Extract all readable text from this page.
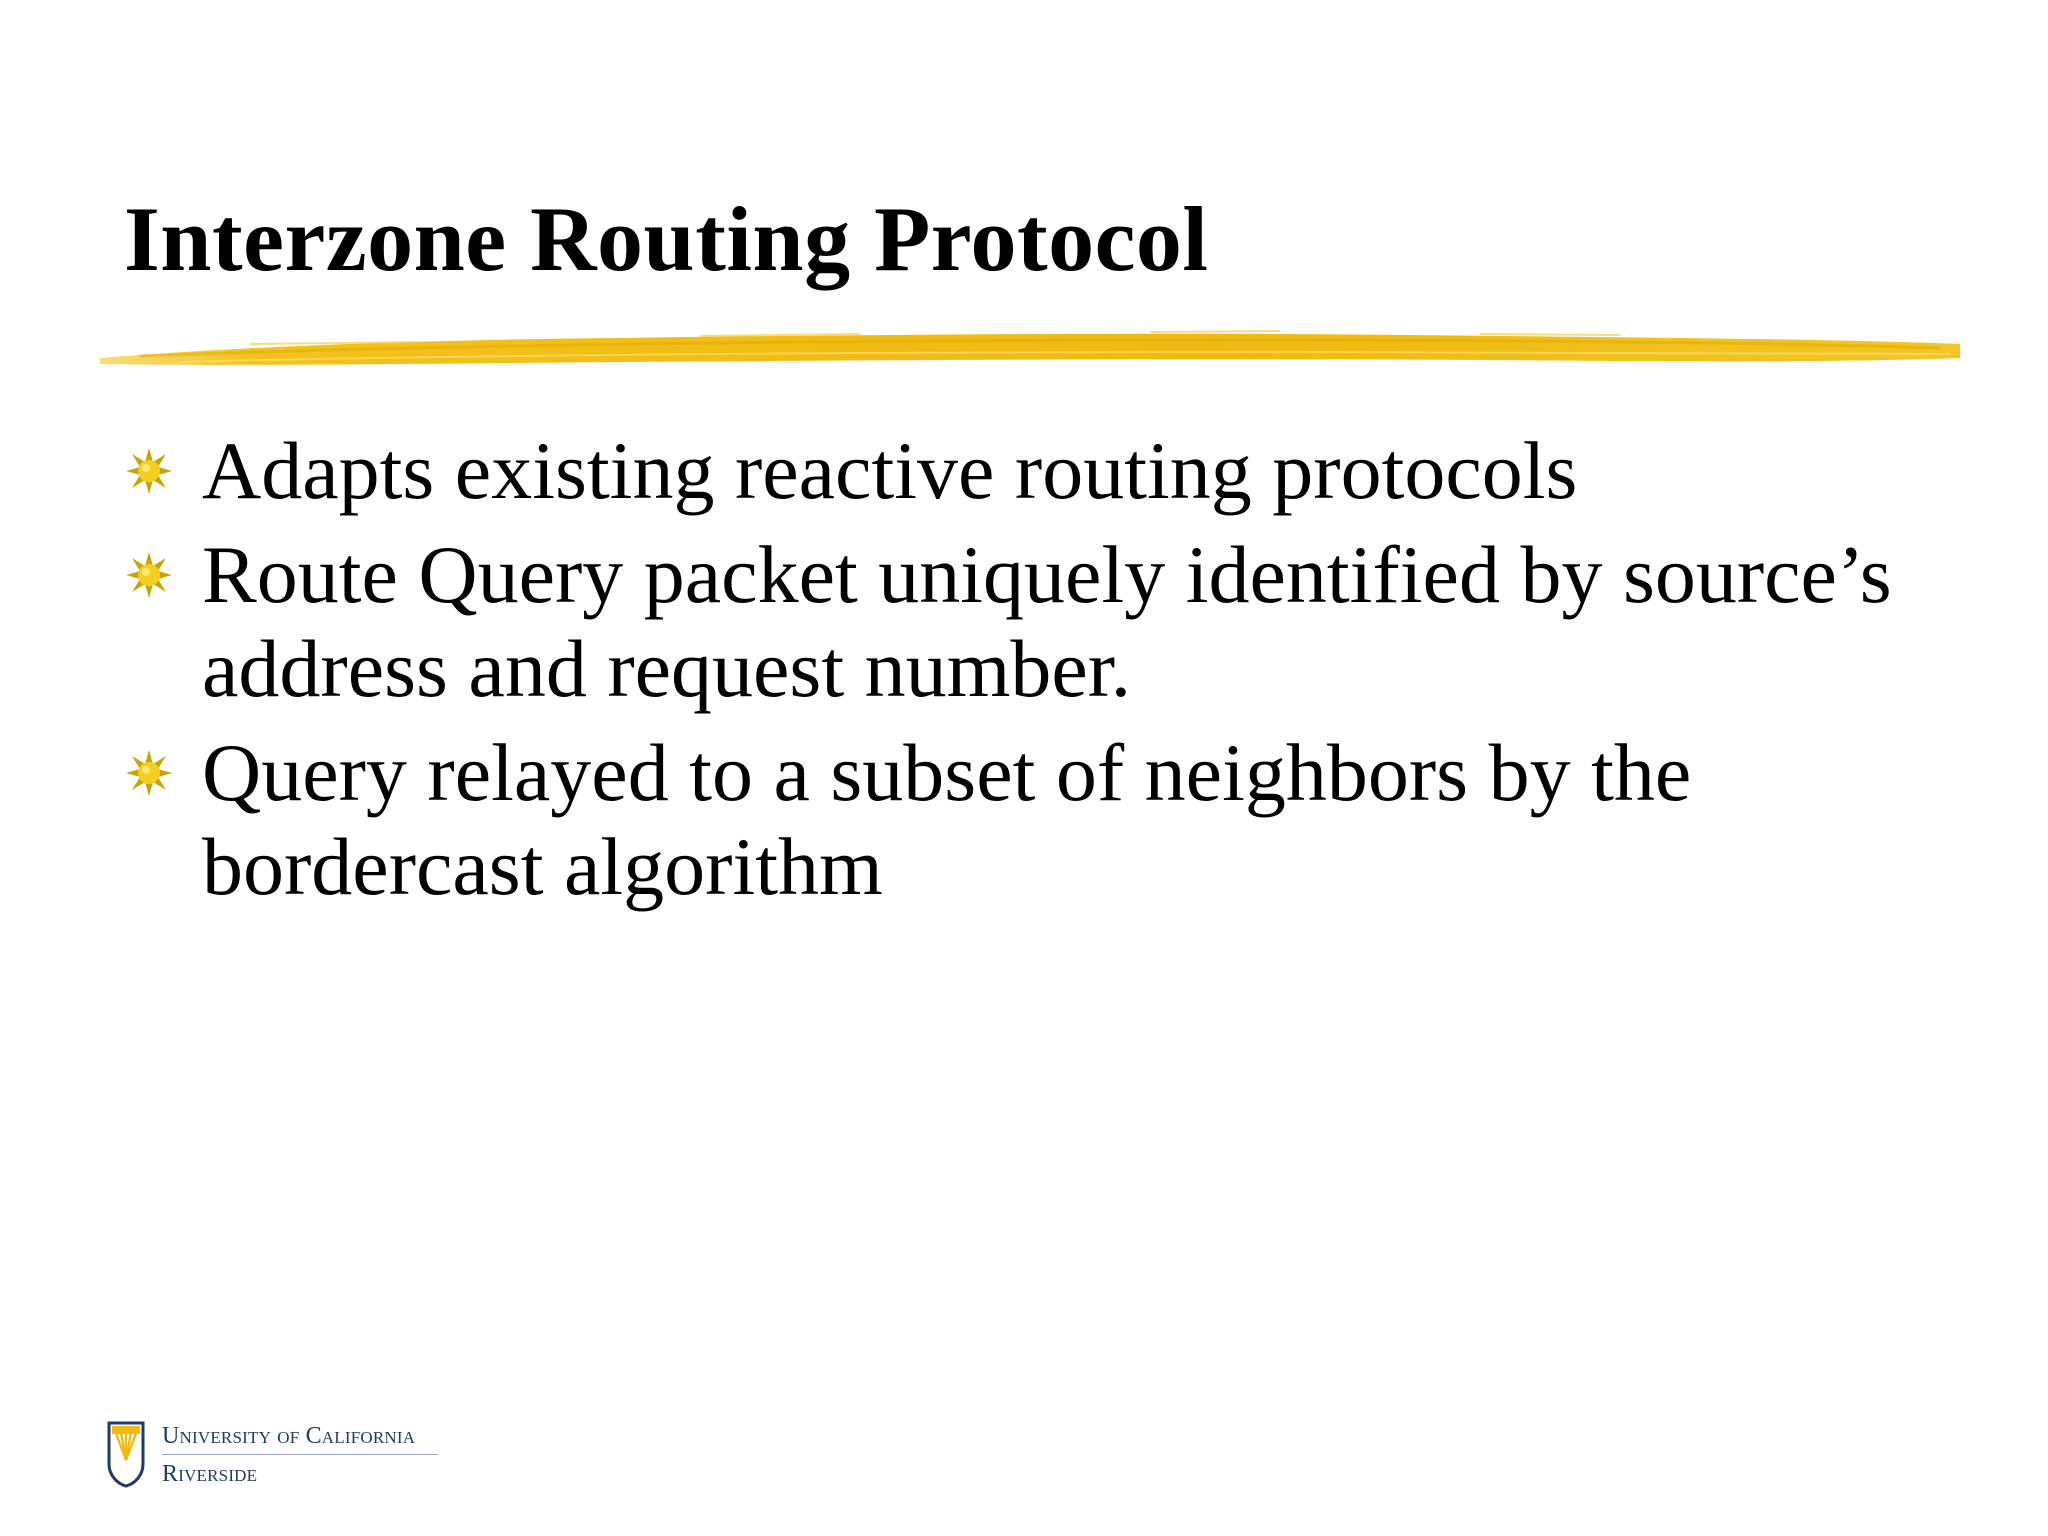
Interzone Routing Protocol
Adapts existing reactive routing protocols
Route Query packet uniquely identified by source’s address and request number.
Query relayed to a subset of neighbors by the bordercast algorithm
University of California
Riverside
